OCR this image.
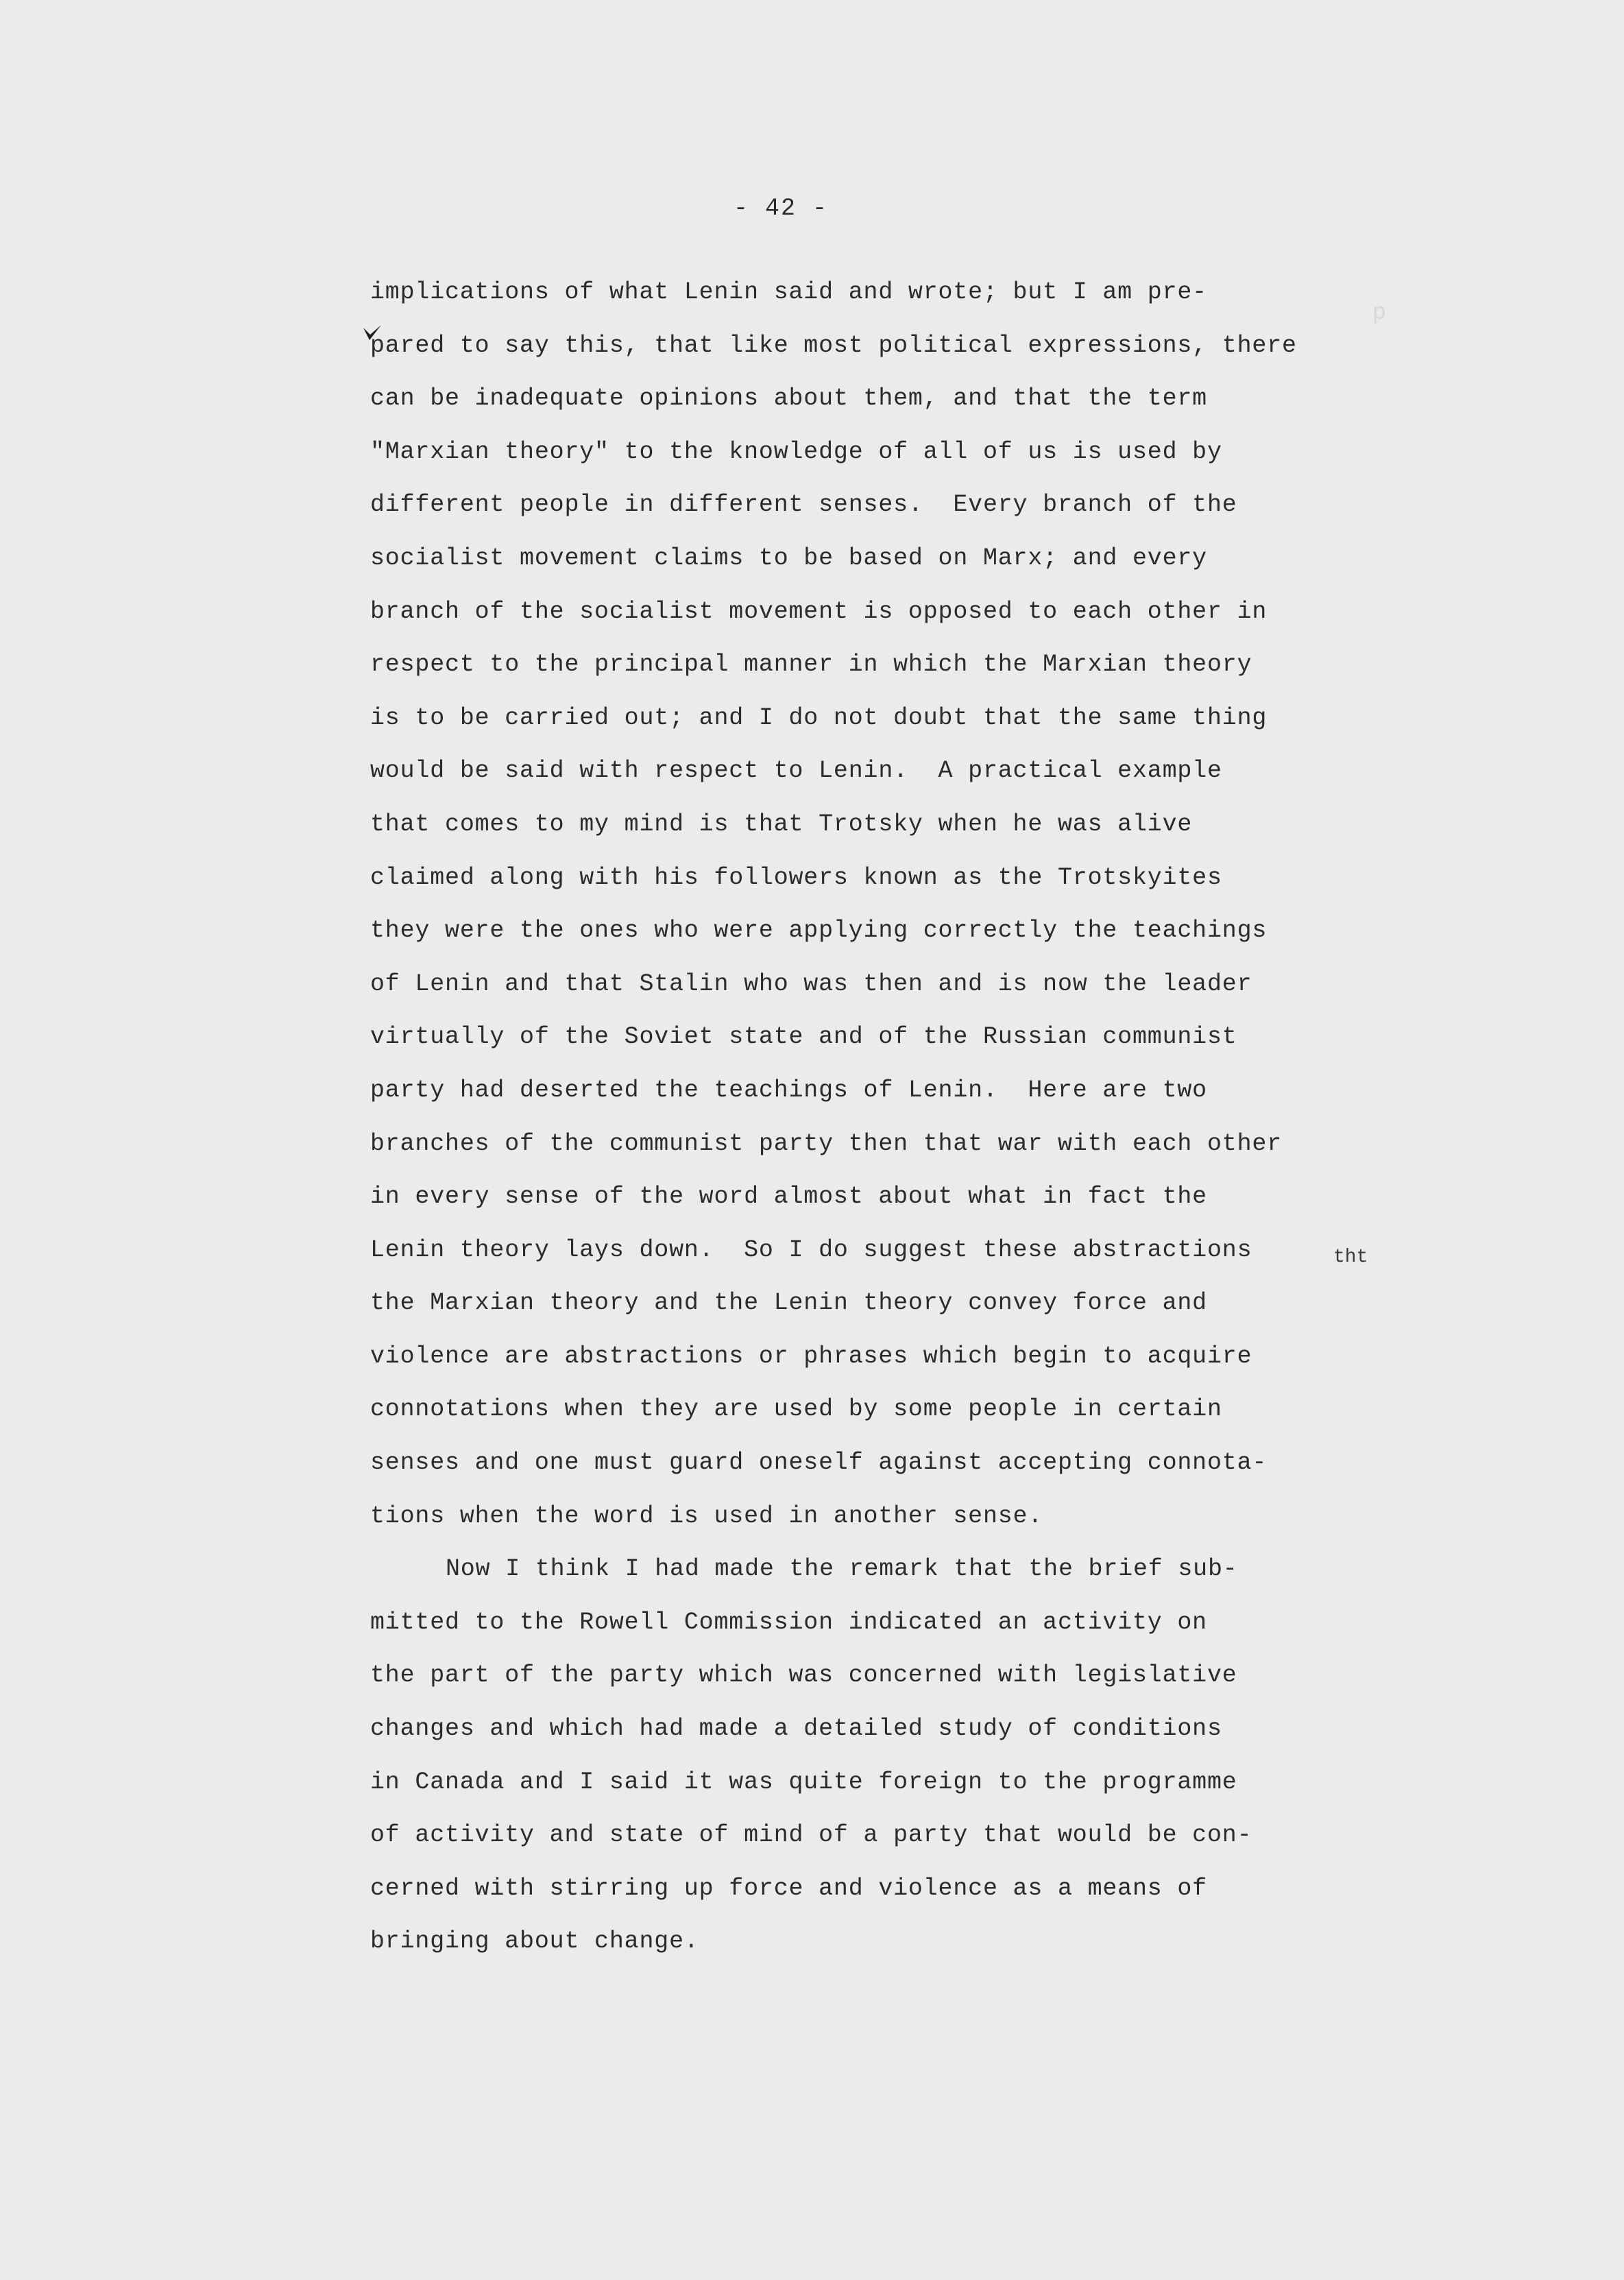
p

- 42 -
implications of what Lenin said and wrote; but I am pre-
pared to say this, that like most political expressions, there
can be inadequate opinions about them, and that the term
"Marxian theory" to the knowledge of all of us is used by
different people in different senses.  Every branch of the
socialist movement claims to be based on Marx; and every
branch of the socialist movement is opposed to each other in
respect to the principal manner in which the Marxian theory
is to be carried out; and I do not doubt that the same thing
would be said with respect to Lenin.  A practical example
that comes to my mind is that Trotsky when he was alive
claimed along with his followers known as the Trotskyites
they were the ones who were applying correctly the teachings
of Lenin and that Stalin who was then and is now the leader
virtually of the Soviet state and of the Russian communist
party had deserted the teachings of Lenin.  Here are two
branches of the communist party then that war with each other
in every sense of the word almost about what in fact the
Lenin theory lays down.  So I do suggest these abstractions
the Marxian theory and the Lenin theory convey force and
violence are abstractions or phrases which begin to acquire
connotations when they are used by some people in certain
senses and one must guard oneself against accepting connota-
tions when the word is used in another sense.
Now I think I had made the remark that the brief sub-
mitted to the Rowell Commission indicated an activity on
the part of the party which was concerned with legislative
changes and which had made a detailed study of conditions
in Canada and I said it was quite foreign to the programme
of activity and state of mind of a party that would be con-
cerned with stirring up force and violence as a means of
bringing about change.
tht
